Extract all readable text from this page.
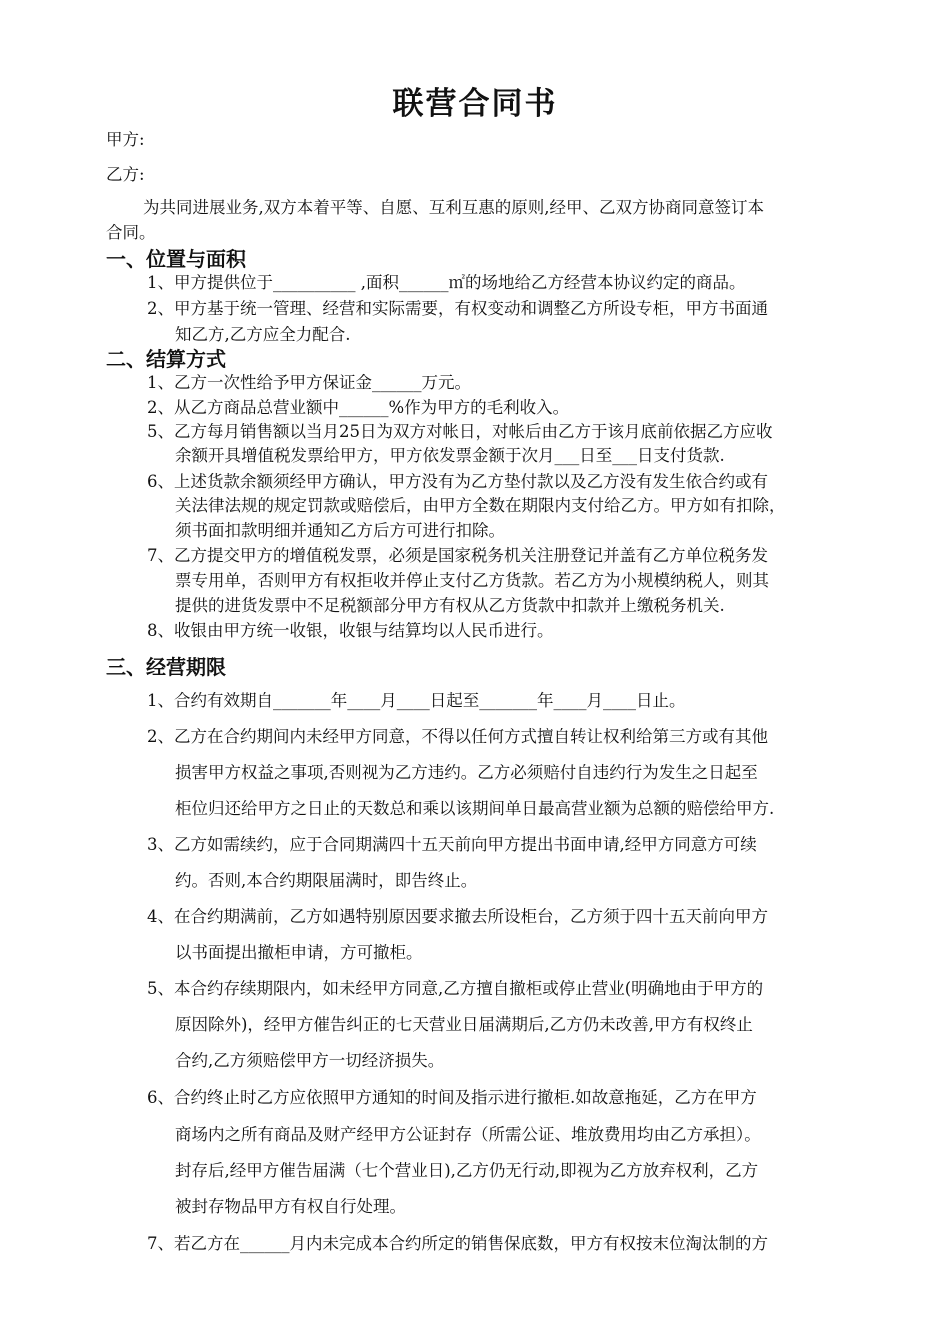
联营合同书
甲方:
乙方:
为共同进展业务,双方本着平等、自愿、互利互惠的原则,经甲、乙双方协商同意签订本
合同。
一、位置与面积
1、甲方提供位于__________ ,面积______㎡的场地给乙方经营本协议约定的商品。
2、甲方基于统一管理、经营和实际需要，有权变动和调整乙方所设专柜，甲方书面通
知乙方,乙方应全力配合.
二、结算方式
1、乙方一次性给予甲方保证金______万元。
2、从乙方商品总营业额中______%作为甲方的毛利收入。
5、乙方每月销售额以当月25日为双方对帐日，对帐后由乙方于该月底前依据乙方应收
余额开具增值税发票给甲方，甲方依发票金额于次月___日至___日支付货款.
6、上述货款余额须经甲方确认，甲方没有为乙方垫付款以及乙方没有发生依合约或有
关法律法规的规定罚款或赔偿后，由甲方全数在期限内支付给乙方。甲方如有扣除，
须书面扣款明细并通知乙方后方可进行扣除。
7、乙方提交甲方的增值税发票，必须是国家税务机关注册登记并盖有乙方单位税务发
票专用单，否则甲方有权拒收并停止支付乙方货款。若乙方为小规模纳税人，则其
提供的进货发票中不足税额部分甲方有权从乙方货款中扣款并上缴税务机关.
8、收银由甲方统一收银，收银与结算均以人民币进行。
三、经营期限
1、合约有效期自_______年____月____日起至_______年____月____日止。
2、乙方在合约期间内未经甲方同意，不得以任何方式擅自转让权利给第三方或有其他
损害甲方权益之事项,否则视为乙方违约。乙方必须赔付自违约行为发生之日起至
柜位归还给甲方之日止的天数总和乘以该期间单日最高营业额为总额的赔偿给甲方.
3、乙方如需续约，应于合同期满四十五天前向甲方提出书面申请,经甲方同意方可续
约。否则,本合约期限届满时，即告终止。
4、在合约期满前，乙方如遇特别原因要求撤去所设柜台，乙方须于四十五天前向甲方
以书面提出撤柜申请，方可撤柜。
5、本合约存续期限内，如未经甲方同意,乙方擅自撤柜或停止营业(明确地由于甲方的
原因除外)，经甲方催告纠正的七天营业日届满期后,乙方仍未改善,甲方有权终止
合约,乙方须赔偿甲方一切经济损失。
6、合约终止时乙方应依照甲方通知的时间及指示进行撤柜.如故意拖延，乙方在甲方
商场内之所有商品及财产经甲方公证封存（所需公证、堆放费用均由乙方承担）。
封存后,经甲方催告届满（七个营业日),乙方仍无行动,即视为乙方放弃权利，乙方
被封存物品甲方有权自行处理。
7、若乙方在______月内未完成本合约所定的销售保底数，甲方有权按末位淘汰制的方
